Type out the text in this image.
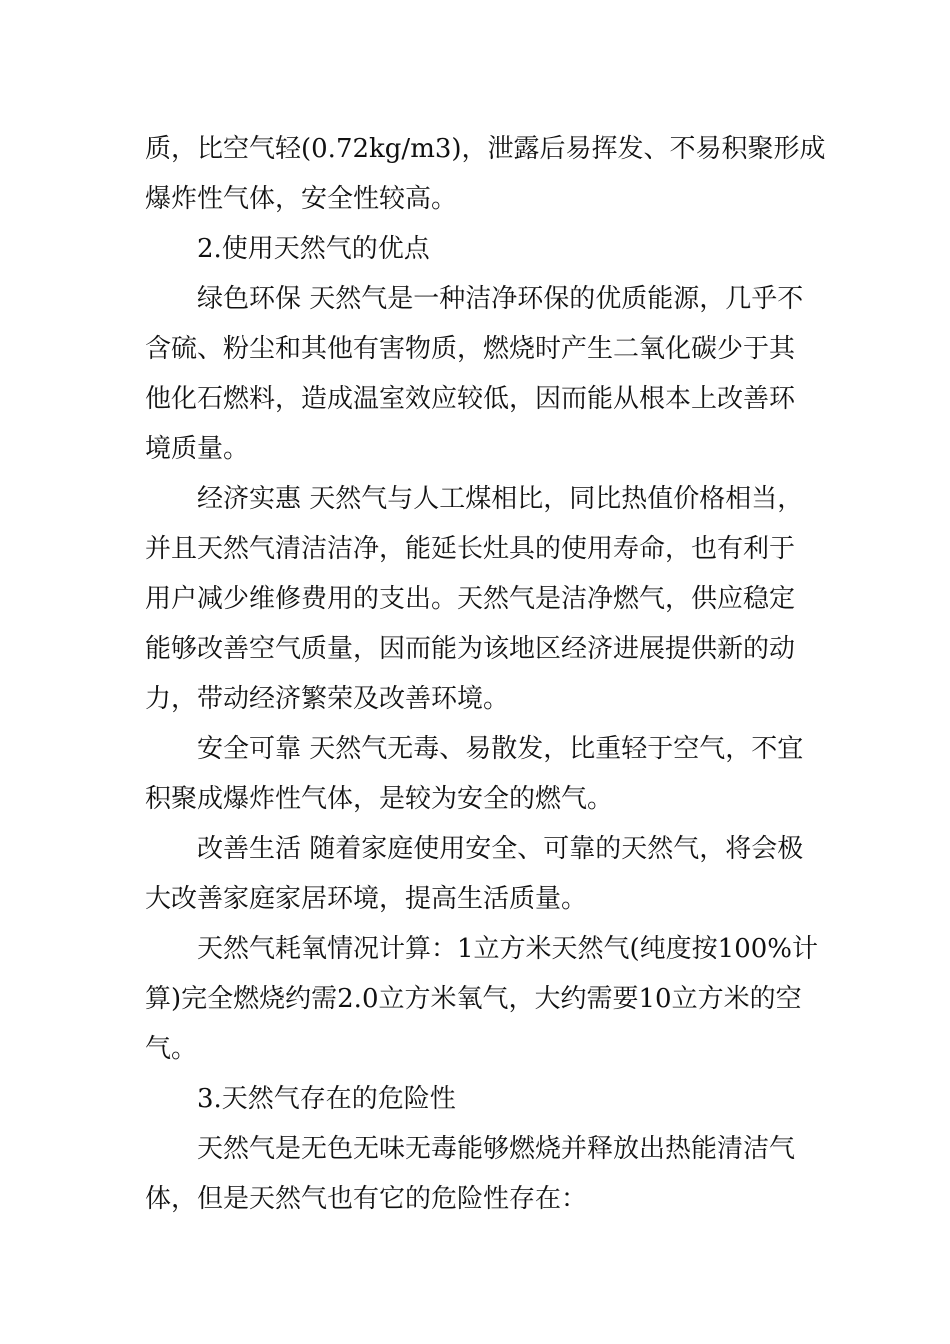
质，比空气轻(0.72kg/m3)，泄露后易挥发、不易积聚形成
爆炸性气体，安全性较高。
2.使用天然气的优点
绿色环保 天然气是一种洁净环保的优质能源，几乎不
含硫、粉尘和其他有害物质，燃烧时产生二氧化碳少于其
他化石燃料，造成温室效应较低，因而能从根本上改善环
境质量。
经济实惠 天然气与人工煤相比，同比热值价格相当，
并且天然气清洁洁净，能延长灶具的使用寿命，也有利于
用户减少维修费用的支出。天然气是洁净燃气，供应稳定
能够改善空气质量，因而能为该地区经济进展提供新的动
力，带动经济繁荣及改善环境。
安全可靠 天然气无毒、易散发，比重轻于空气，不宜
积聚成爆炸性气体，是较为安全的燃气。
改善生活 随着家庭使用安全、可靠的天然气，将会极
大改善家庭家居环境，提高生活质量。
天然气耗氧情况计算：1立方米天然气(纯度按100%计
算)完全燃烧约需2.0立方米氧气，大约需要10立方米的空
气。
3.天然气存在的危险性
天然气是无色无味无毒能够燃烧并释放出热能清洁气
体，但是天然气也有它的危险性存在：
